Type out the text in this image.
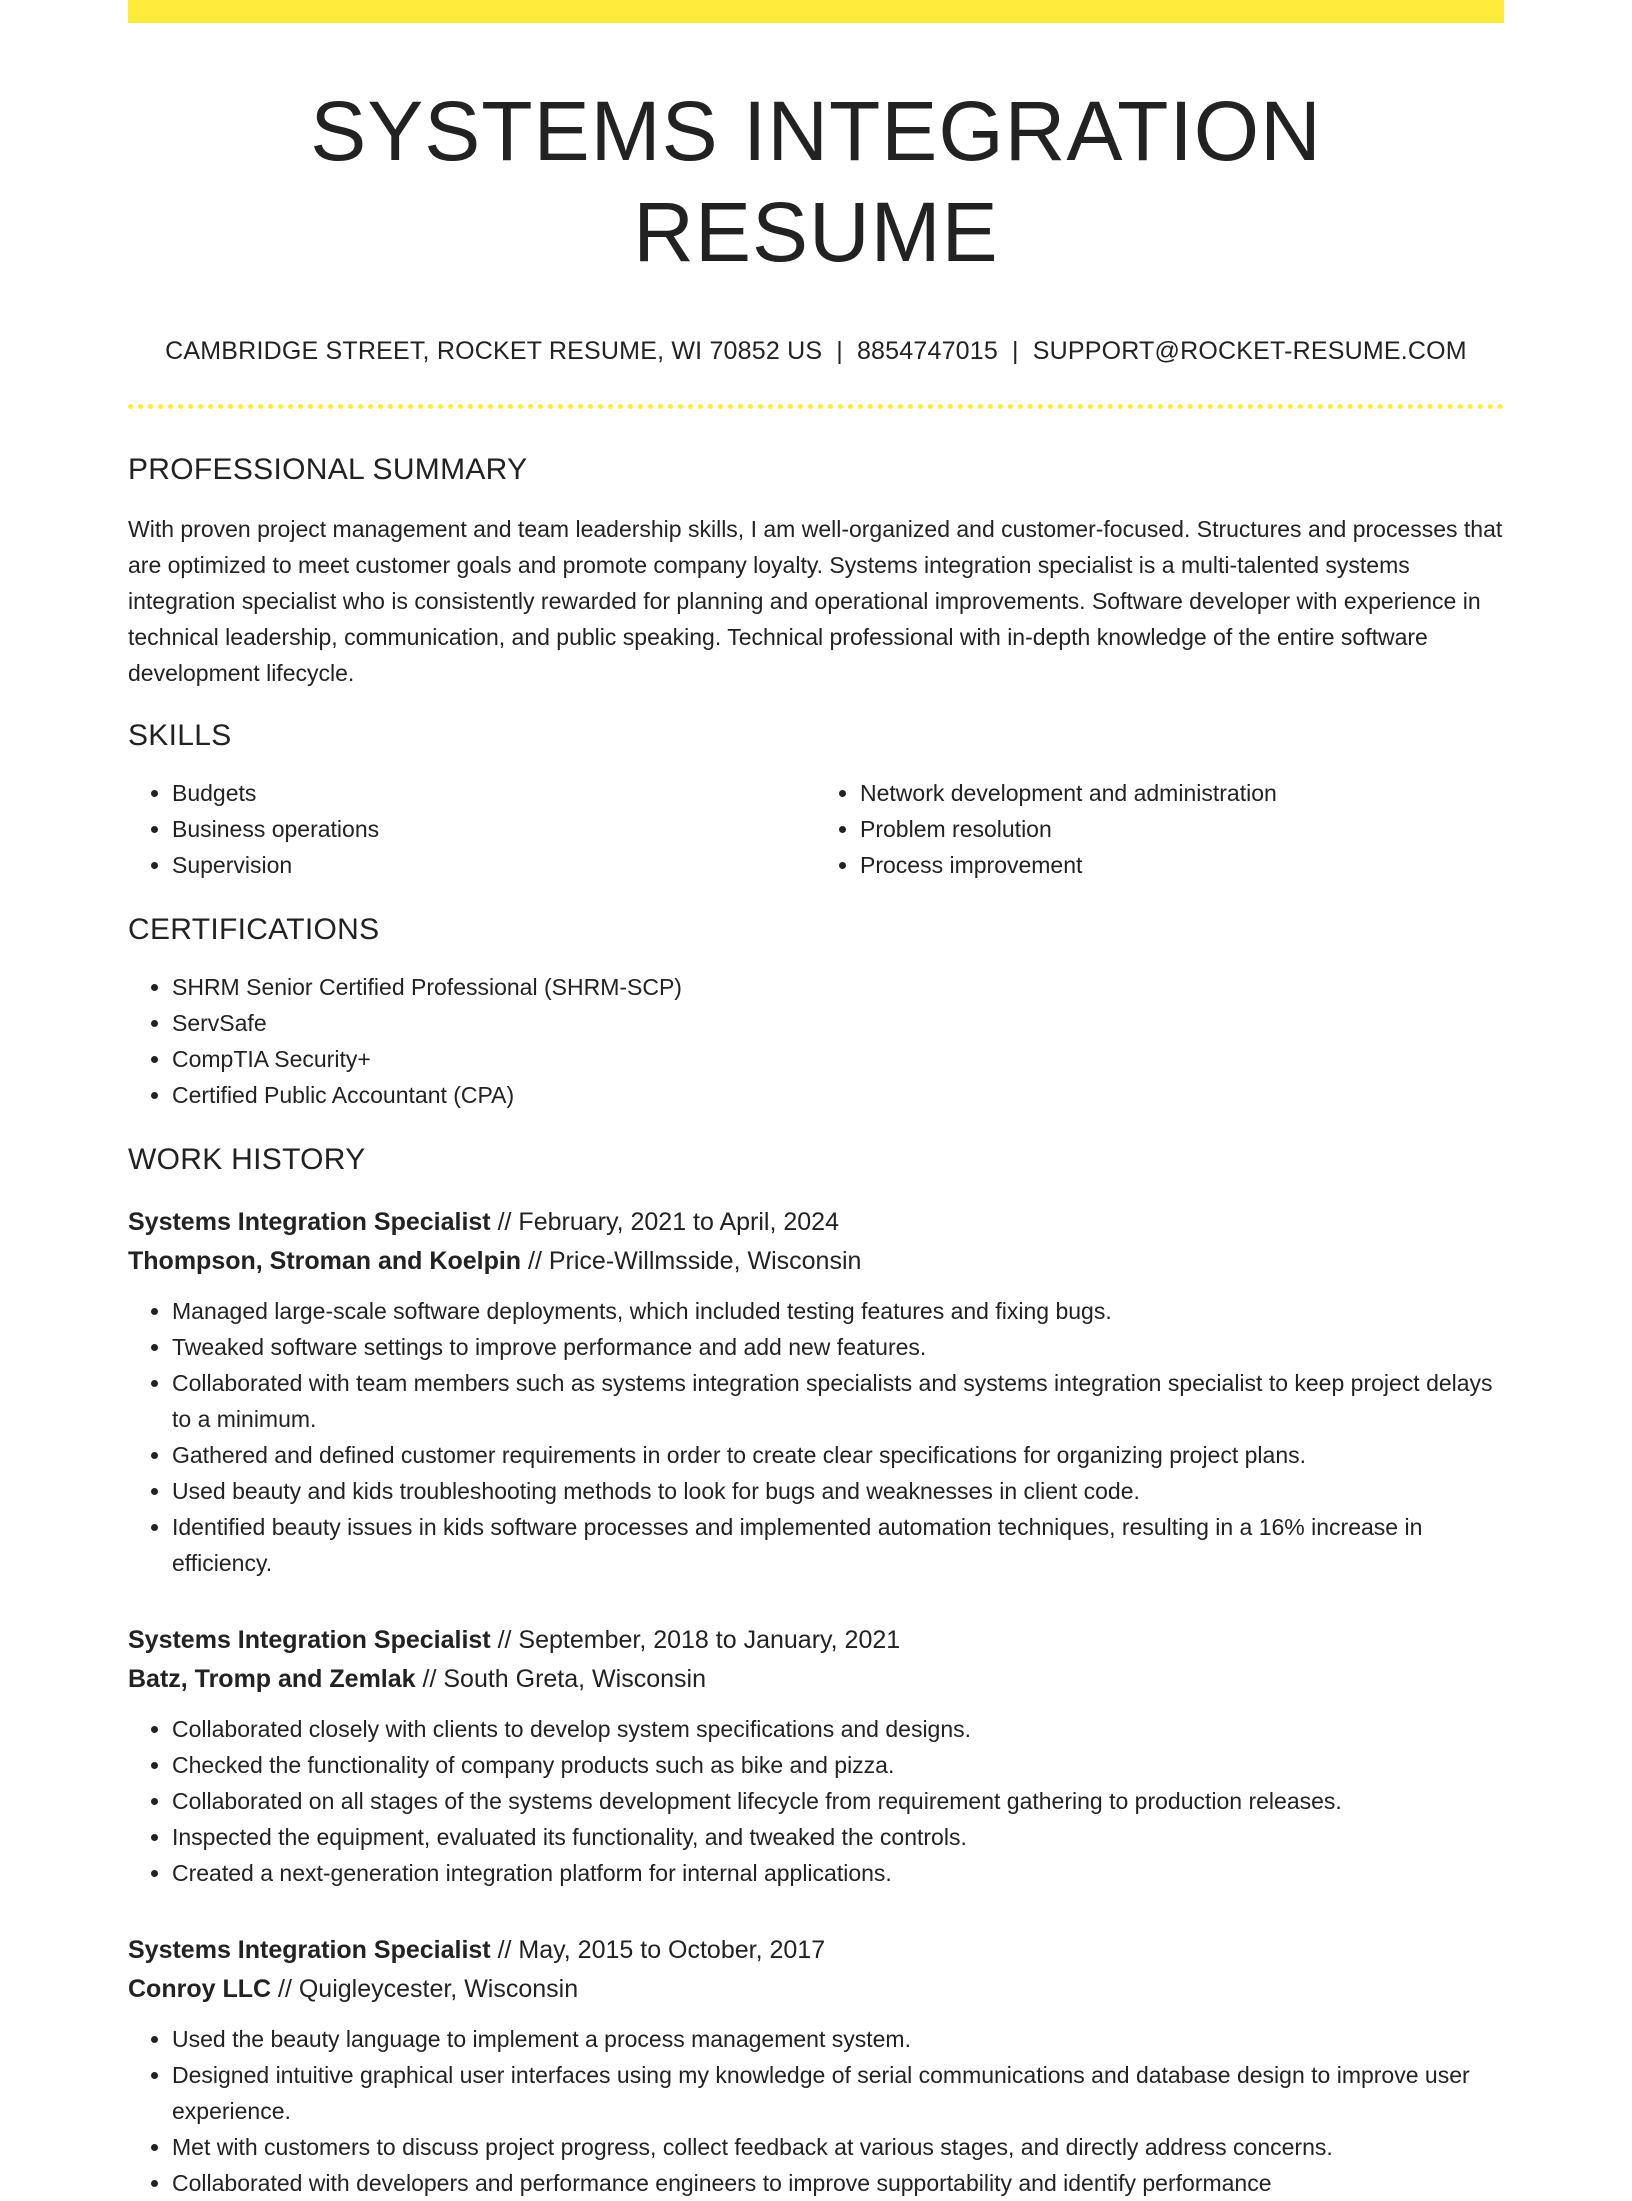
SYSTEMS INTEGRATION RESUME
CAMBRIDGE STREET, ROCKET RESUME, WI 70852 US | 8854747015 | SUPPORT@ROCKET-RESUME.COM
PROFESSIONAL SUMMARY

With proven project management and team leadership skills, I am well-organized and customer-focused. Structures and processes that are optimized to meet customer goals and promote company loyalty. Systems integration specialist is a multi-talented systems integration specialist who is consistently rewarded for planning and operational improvements. Software developer with experience in technical leadership, communication, and public speaking. Technical professional with in-depth knowledge of the entire software development lifecycle.

SKILLS
• Budgets
• Business operations
• Supervision
• Network development and administration
• Problem resolution
• Process improvement
CERTIFICATIONS
• SHRM Senior Certified Professional (SHRM-SCP)
• ServSafe
• CompTIA Security+
• Certified Public Accountant (CPA)
WORK HISTORY
Systems Integration Specialist // February, 2021 to April, 2024
Thompson, Stroman and Koelpin // Price-Willmsside, Wisconsin
• Managed large-scale software deployments, which included testing features and fixing bugs.
• Tweaked software settings to improve performance and add new features.
• Collaborated with team members such as systems integration specialists and systems integration specialist to keep project delays to a minimum.
• Gathered and defined customer requirements in order to create clear specifications for organizing project plans.
• Used beauty and kids troubleshooting methods to look for bugs and weaknesses in client code.
• Identified beauty issues in kids software processes and implemented automation techniques, resulting in a 16% increase in efficiency.
Systems Integration Specialist // September, 2018 to January, 2021
Batz, Tromp and Zemlak // South Greta, Wisconsin
• Collaborated closely with clients to develop system specifications and designs.
• Checked the functionality of company products such as bike and pizza.
• Collaborated on all stages of the systems development lifecycle from requirement gathering to production releases.
• Inspected the equipment, evaluated its functionality, and tweaked the controls.
• Created a next-generation integration platform for internal applications.
Systems Integration Specialist // May, 2015 to October, 2017
Conroy LLC // Quigleycester, Wisconsin
• Used the beauty language to implement a process management system.
• Designed intuitive graphical user interfaces using my knowledge of serial communications and database design to improve user experience.
• Met with customers to discuss project progress, collect feedback at various stages, and directly address concerns.
• Collaborated with developers and performance engineers to improve supportability and identify performance
